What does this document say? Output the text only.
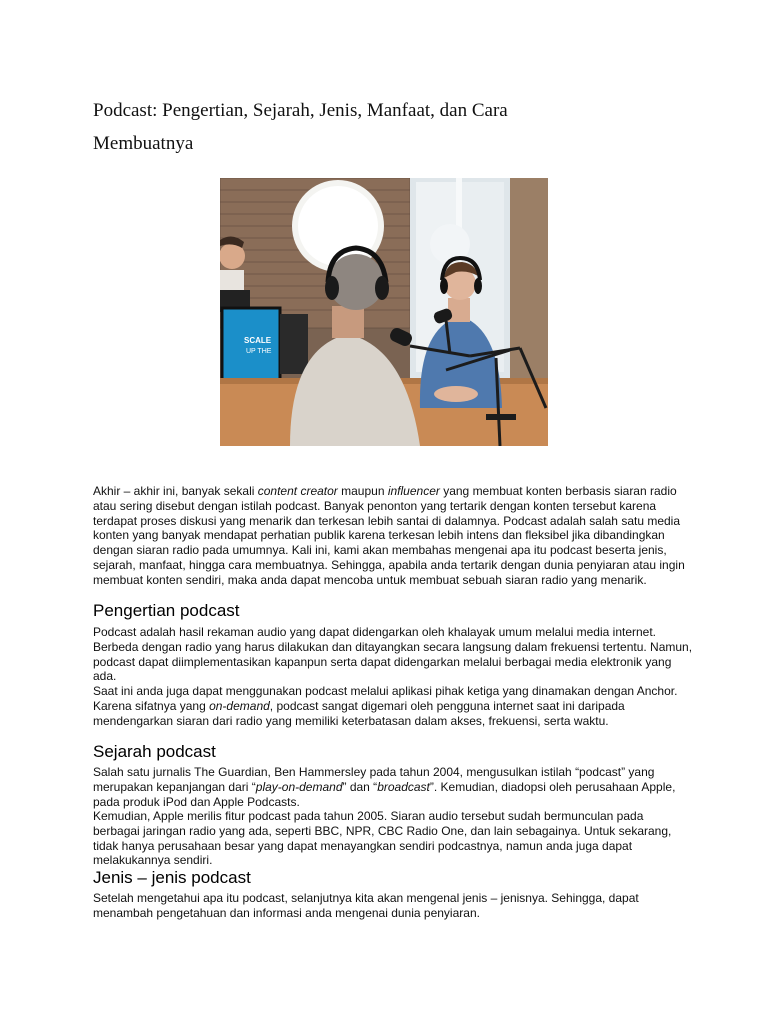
Podcast: Pengertian, Sejarah, Jenis, Manfaat, dan Cara
Membuatnya
SCALE
UP THE

Akhir – akhir ini, banyak sekali content creator maupun influencer yang membuat konten berbasis siaran radio atau sering disebut dengan istilah podcast. Banyak penonton yang tertarik dengan konten tersebut karena terdapat proses diskusi yang menarik dan terkesan lebih santai di dalamnya. Podcast adalah salah satu media konten yang banyak mendapat perhatian publik karena terkesan lebih intens dan fleksibel jika dibandingkan dengan siaran radio pada umumnya. Kali ini, kami akan membahas mengenai apa itu podcast beserta jenis, sejarah, manfaat, hingga cara membuatnya. Sehingga, apabila anda tertarik dengan dunia penyiaran atau ingin membuat konten sendiri, maka anda dapat mencoba untuk membuat sebuah siaran radio yang menarik.

Pengertian podcast

Podcast adalah hasil rekaman audio yang dapat didengarkan oleh khalayak umum melalui media internet. Berbeda dengan radio yang harus dilakukan dan ditayangkan secara langsung dalam frekuensi tertentu. Namun, podcast dapat diimplementasikan kapanpun serta dapat didengarkan melalui berbagai media elektronik yang ada.

Saat ini anda juga dapat menggunakan podcast melalui aplikasi pihak ketiga yang dinamakan dengan Anchor. Karena sifatnya yang on-demand, podcast sangat digemari oleh pengguna internet saat ini daripada mendengarkan siaran dari radio yang memiliki keterbatasan dalam akses, frekuensi, serta waktu.

Sejarah podcast

Salah satu jurnalis The Guardian, Ben Hammersley pada tahun 2004, mengusulkan istilah “podcast” yang merupakan kepanjangan dari “play-on-demand” dan “broadcast”. Kemudian, diadopsi oleh perusahaan Apple, pada produk iPod dan Apple Podcasts.

Kemudian, Apple merilis fitur podcast pada tahun 2005. Siaran audio tersebut sudah bermunculan pada berbagai jaringan radio yang ada, seperti BBC, NPR, CBC Radio One, dan lain sebagainya. Untuk sekarang, tidak hanya perusahaan besar yang dapat menayangkan sendiri podcastnya, namun anda juga dapat melakukannya sendiri.

Jenis – jenis podcast

Setelah mengetahui apa itu podcast, selanjutnya kita akan mengenal jenis – jenisnya. Sehingga, dapat menambah pengetahuan dan informasi anda mengenai dunia penyiaran.
